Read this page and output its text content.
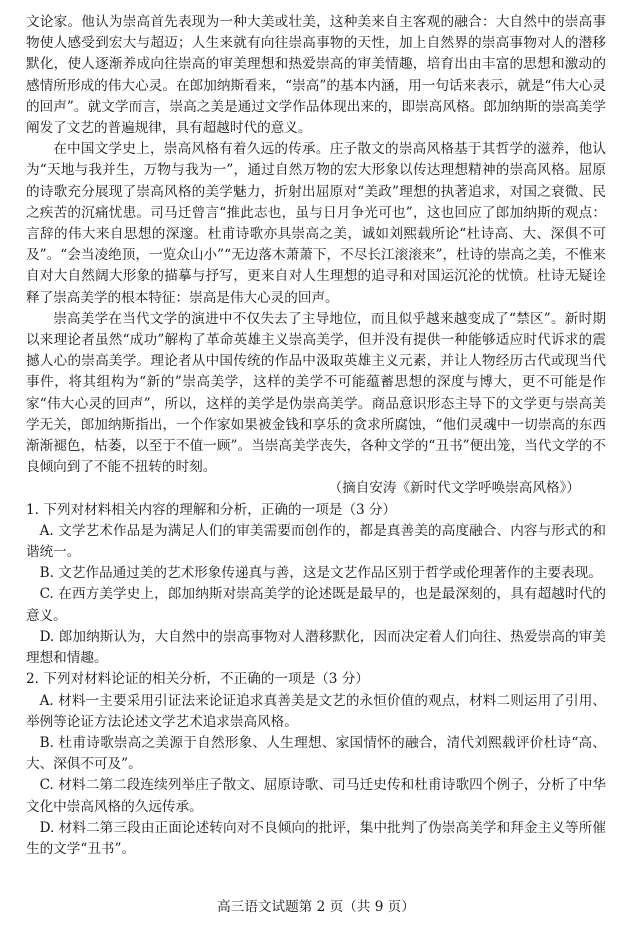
文论家。他认为崇高首先表现为一种大美或壮美，这种美来自主客观的融合：大自然中的崇高事物使人感受到宏大与超迈；人生来就有向往崇高事物的天性，加上自然界的崇高事物对人的潜移默化，使人逐渐养成向往崇高的审美理想和热爱崇高的审美情趣，培育出由丰富的思想和激动的感情所形成的伟大心灵。在郎加纳斯看来，“崇高”的基本内涵，用一句话来表示，就是“伟大心灵的回声”。就文学而言，崇高之美是通过文学作品体现出来的，即崇高风格。郎加纳斯的崇高美学阐发了文艺的普遍规律，具有超越时代的意义。

在中国文学史上，崇高风格有着久远的传承。庄子散文的崇高风格基于其哲学的滋养，他认为“天地与我并生，万物与我为一”，通过自然万物的宏大形象以传达理想精神的崇高风格。屈原的诗歌充分展现了崇高风格的美学魅力，折射出屈原对“美政”理想的执著追求，对国之衰微、民之疾苦的沉痛忧患。司马迁曾言“推此志也，虽与日月争光可也”，这也回应了郎加纳斯的观点：言辞的伟大来自思想的深邃。杜甫诗歌亦具崇高之美，诚如刘熙载所论“杜诗高、大、深俱不可及”。“会当凌绝顶，一览众山小”“无边落木萧萧下，不尽长江滚滚来”，杜诗的崇高之美，不惟来自对大自然阔大形象的描摹与抒写，更来自对人生理想的追寻和对国运沉沦的忧愤。杜诗无疑诠释了崇高美学的根本特征：崇高是伟大心灵的回声。

崇高美学在当代文学的演进中不仅失去了主导地位，而且似乎越来越变成了“禁区”。新时期以来理论者虽然“成功”解构了革命英雄主义崇高美学，但并没有提供一种能够适应时代诉求的震撼人心的崇高美学。理论者从中国传统的作品中汲取英雄主义元素，并让人物经历古代或现当代事件，将其组构为“新的”崇高美学，这样的美学不可能蕴蓄思想的深度与博大，更不可能是作家“伟大心灵的回声”，所以，这样的美学是伪崇高美学。商品意识形态主导下的文学更与崇高美学无关，郎加纳斯指出，一个作家如果被金钱和享乐的贪求所腐蚀，“他们灵魂中一切崇高的东西渐渐褪色，枯萎，以至于不值一顾”。当崇高美学丧失，各种文学的“丑书”便出笼，当代文学的不良倾向到了不能不扭转的时刻。

（摘自安涛《新时代文学呼唤崇高风格》）

1. 下列对材料相关内容的理解和分析，正确的一项是（3 分）

A. 文学艺术作品是为满足人们的审美需要而创作的，都是真善美的高度融合、内容与形式的和谐统一。

B. 文艺作品通过美的艺术形象传递真与善，这是文艺作品区别于哲学或伦理著作的主要表现。

C. 在西方美学史上，郎加纳斯对崇高美学的论述既是最早的，也是最深刻的，具有超越时代的意义。

D. 郎加纳斯认为，大自然中的崇高事物对人潜移默化，因而决定着人们向往、热爱崇高的审美理想和情趣。

2. 下列对材料论证的相关分析，不正确的一项是（3 分）

A. 材料一主要采用引证法来论证追求真善美是文艺的永恒价值的观点，材料二则运用了引用、举例等论证方法论述文学艺术追求崇高风格。

B. 杜甫诗歌崇高之美源于自然形象、人生理想、家国情怀的融合，清代刘熙载评价杜诗“高、大、深俱不可及”。

C. 材料二第二段连续列举庄子散文、屈原诗歌、司马迁史传和杜甫诗歌四个例子，分析了中华文化中崇高风格的久远传承。

D. 材料二第三段由正面论述转向对不良倾向的批评，集中批判了伪崇高美学和拜金主义等所催生的文学“丑书”。

高三语文试题第 2 页（共 9 页）
